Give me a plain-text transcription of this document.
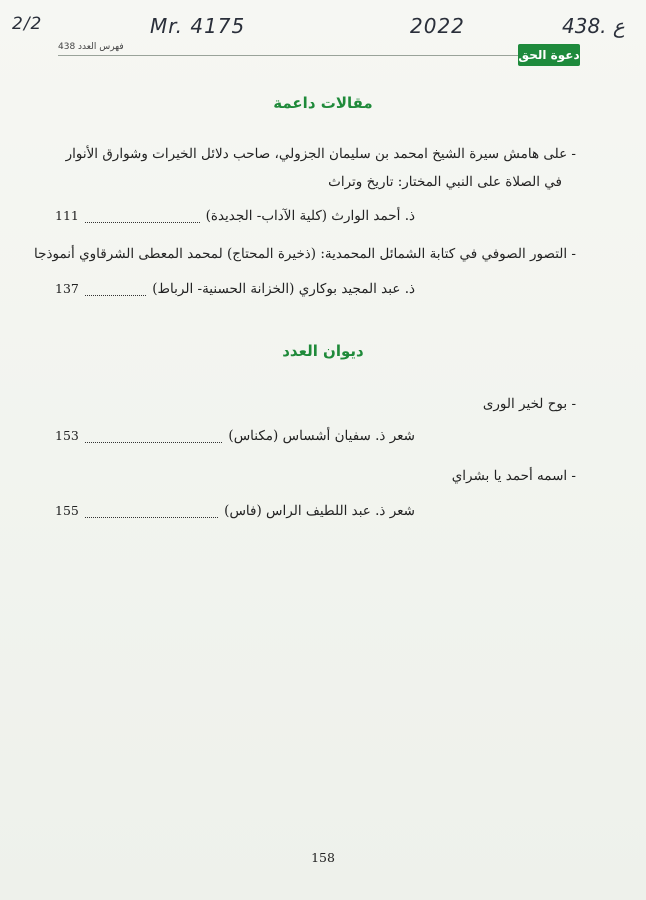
2/2	Mr. 4175	2022	438. ع
فهرس العدد 438
دعوة الحق
مقالات داعمة
- على هامش سيرة الشيخ امحمد بن سليمان الجزولي، صاحب دلائل الخيرات وشوارق الأنوار
في الصلاة على النبي المختار: تاريخ وتراث
ذ. أحمد الوارث (كلية الآداب- الجديدة)
111
- التصور الصوفي في كتابة الشمائل المحمدية: (ذخيرة المحتاج) لمحمد المعطى الشرقاوي أنموذجا
ذ. عبد المجيد بوكاري (الخزانة الحسنية- الرباط)
137
ديوان العدد
- بوح لخير الورى
شعر ذ. سفيان أشساس (مكناس)
153
- اسمه أحمد يا بشراي
شعر ذ. عبد اللطيف الراس (فاس)
155
158
